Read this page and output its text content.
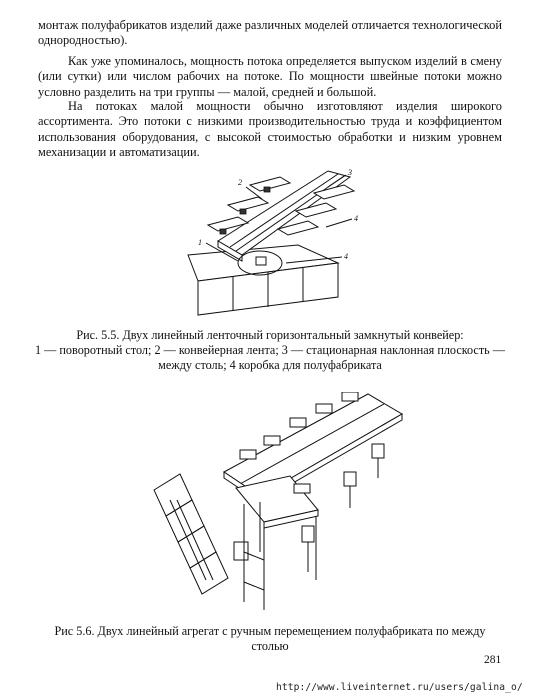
монтаж полуфабрикатов изделий даже различных моделей отличается технологической однородностью).

Как уже упоминалось, мощность потока определяется выпуском изделий в смену (или сутки) или числом рабочих на потоке. По мощности швейные потоки можно условно разделить на три группы — малой, средней и большой.

На потоках малой мощности обычно изготовляют изделия широкого ассортимента. Это потоки с низкими производительностью труда и коэффициентом использования оборудования, с высокой стоимостью обработки и низким уровнем механизации и автоматизации.

1
2
3
4
4
Рис. 5.5. Двух линейный ленточный горизонтальный замкнутый конвейер:
1 — поворотный стол; 2 — конвейерная лента; 3 — стационарная наклонная плоскость —
между столь; 4 коробка для полуфабриката
Рис 5.6. Двух линейный агрегат с ручным перемещением полуфабриката по между
столью
281
http://www.liveinternet.ru/users/galina_o/
